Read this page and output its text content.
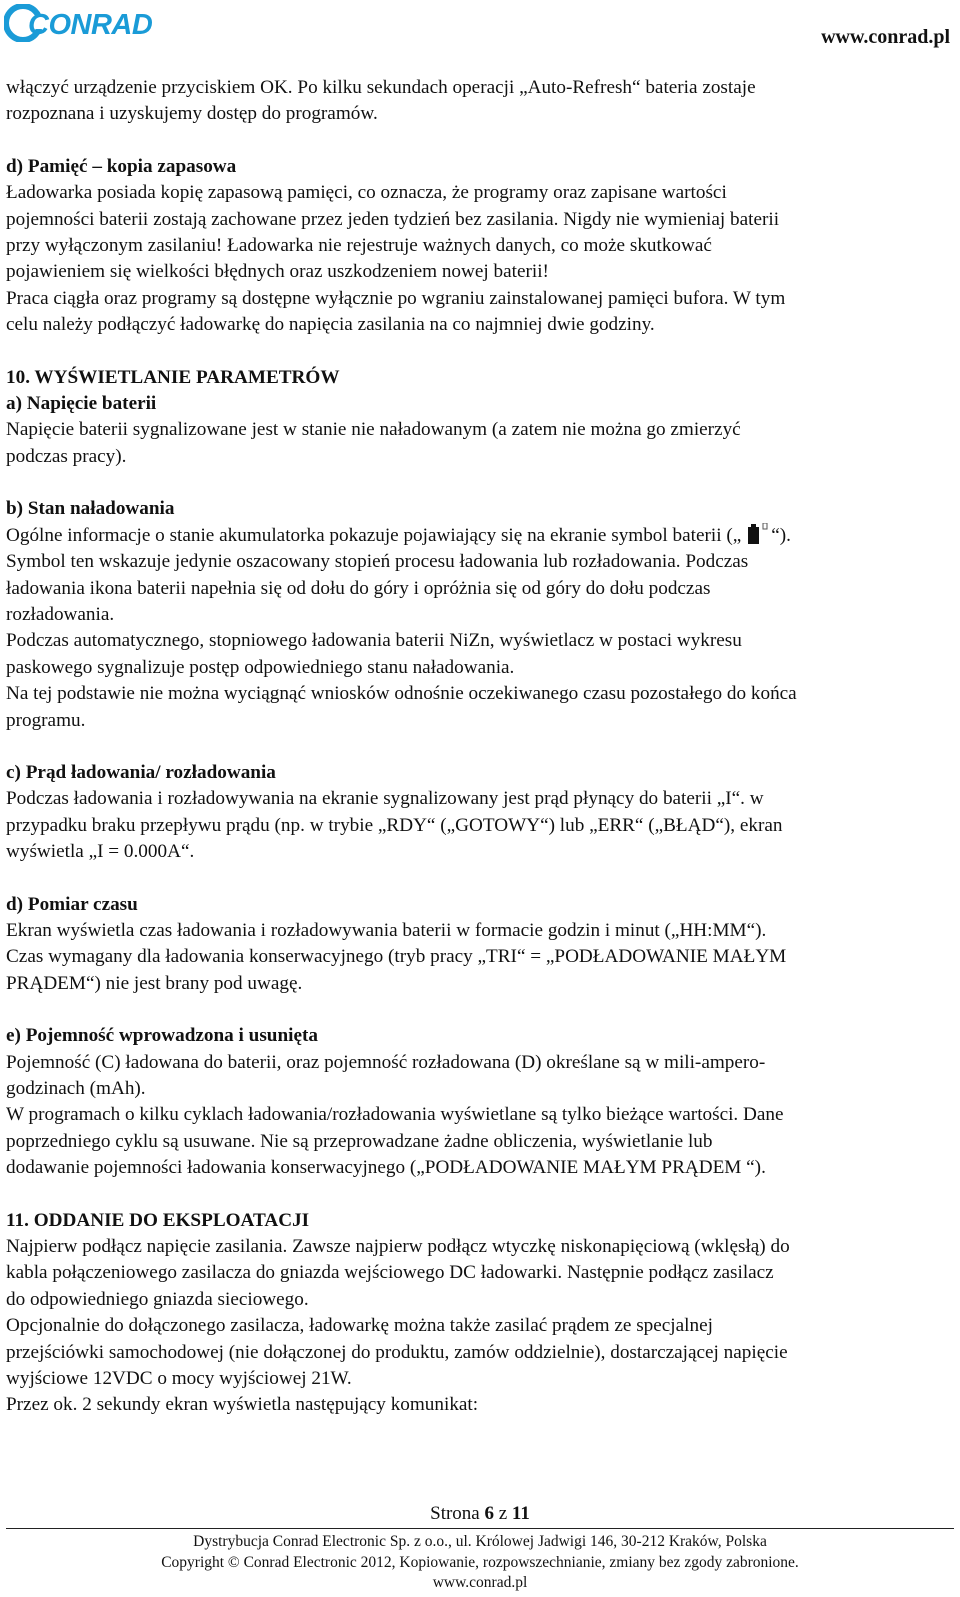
CONRAD	www.conrad.pl

włączyć urządzenie przyciskiem OK. Po kilku sekundach operacji „Auto-Refresh“ bateria zostaje

rozpoznana i uzyskujemy dostęp do programów.

d) Pamięć – kopia zapasowa

Ładowarka posiada kopię zapasową pamięci, co oznacza, że programy oraz zapisane wartości

pojemności baterii zostają zachowane przez jeden tydzień bez zasilania. Nigdy nie wymieniaj baterii

przy wyłączonym zasilaniu! Ładowarka nie rejestruje ważnych danych, co może skutkować

pojawieniem się wielkości błędnych oraz uszkodzeniem nowej baterii!

Praca ciągła oraz programy są dostępne wyłącznie po wgraniu zainstalowanej pamięci bufora. W tym

celu należy podłączyć ładowarkę do napięcia zasilania na co najmniej dwie godziny.

10. WYŚWIETLANIE PARAMETRÓW

a) Napięcie baterii

Napięcie baterii sygnalizowane jest w stanie nie naładowanym (a zatem nie można go zmierzyć

podczas pracy).

b) Stan naładowania

Ogólne informacje o stanie akumulatorka pokazuje pojawiający się na ekranie symbol baterii („ “).

Symbol ten wskazuje jedynie oszacowany stopień procesu ładowania lub rozładowania. Podczas

ładowania ikona baterii napełnia się od dołu do góry i opróżnia się od góry do dołu podczas

rozładowania.

Podczas automatycznego, stopniowego ładowania baterii NiZn, wyświetlacz w postaci wykresu

paskowego sygnalizuje postęp odpowiedniego stanu naładowania.

Na tej podstawie nie można wyciągnąć wniosków odnośnie oczekiwanego czasu pozostałego do końca

programu.

c) Prąd ładowania/ rozładowania

Podczas ładowania i rozładowywania na ekranie sygnalizowany jest prąd płynący do baterii „I“. w

przypadku braku przepływu prądu (np. w trybie „RDY“ („GOTOWY“) lub „ERR“ („BŁĄD“), ekran

wyświetla „I = 0.000A“.

d) Pomiar czasu

Ekran wyświetla czas ładowania i rozładowywania baterii w formacie godzin i minut („HH:MM“).

Czas wymagany dla ładowania konserwacyjnego (tryb pracy „TRI“ = „PODŁADOWANIE MAŁYM

PRĄDEM“) nie jest brany pod uwagę.

e) Pojemność wprowadzona i usunięta

Pojemność (C) ładowana do baterii, oraz pojemność rozładowana (D) określane są w mili-ampero-

godzinach (mAh).

W programach o kilku cyklach ładowania/rozładowania wyświetlane są tylko bieżące wartości. Dane

poprzedniego cyklu są usuwane. Nie są przeprowadzane żadne obliczenia, wyświetlanie lub

dodawanie pojemności ładowania konserwacyjnego („PODŁADOWANIE MAŁYM PRĄDEM “).

11. ODDANIE DO EKSPLOATACJI

Najpierw podłącz napięcie zasilania. Zawsze najpierw podłącz wtyczkę niskonapięciową (wklęsłą) do

kabla połączeniowego zasilacza do gniazda wejściowego DC ładowarki. Następnie podłącz zasilacz

do odpowiedniego gniazda sieciowego.

Opcjonalnie do dołączonego zasilacza, ładowarkę można także zasilać prądem ze specjalnej

przejściówki samochodowej (nie dołączonej do produktu, zamów oddzielnie), dostarczającej napięcie

wyjściowe 12VDC o mocy wyjściowej 21W.

Przez ok. 2 sekundy ekran wyświetla następujący komunikat:

Strona 6 z 11
Dystrybucja Conrad Electronic Sp. z o.o., ul. Królowej Jadwigi 146, 30-212 Kraków, Polska
Copyright © Conrad Electronic 2012, Kopiowanie, rozpowszechnianie, zmiany bez zgody zabronione.
www.conrad.pl
